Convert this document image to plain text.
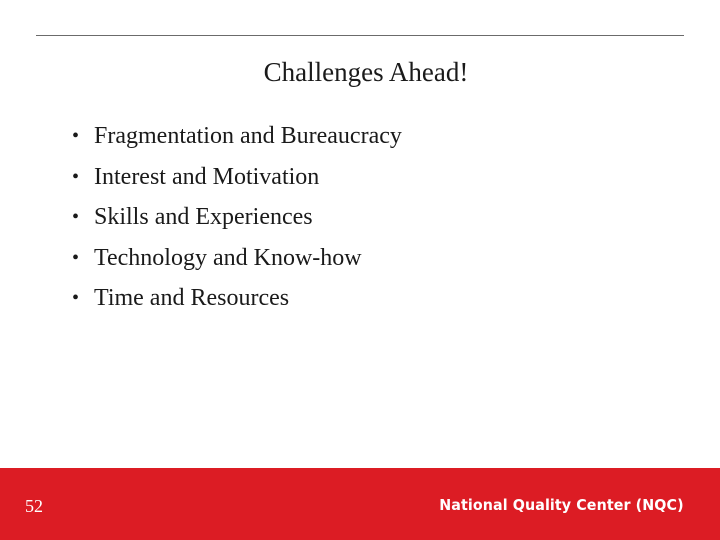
Challenges Ahead!
• Fragmentation and Bureaucracy
• Interest and Motivation
• Skills and Experiences
• Technology and Know-how
• Time and Resources
52	National Quality Center (NQC)
